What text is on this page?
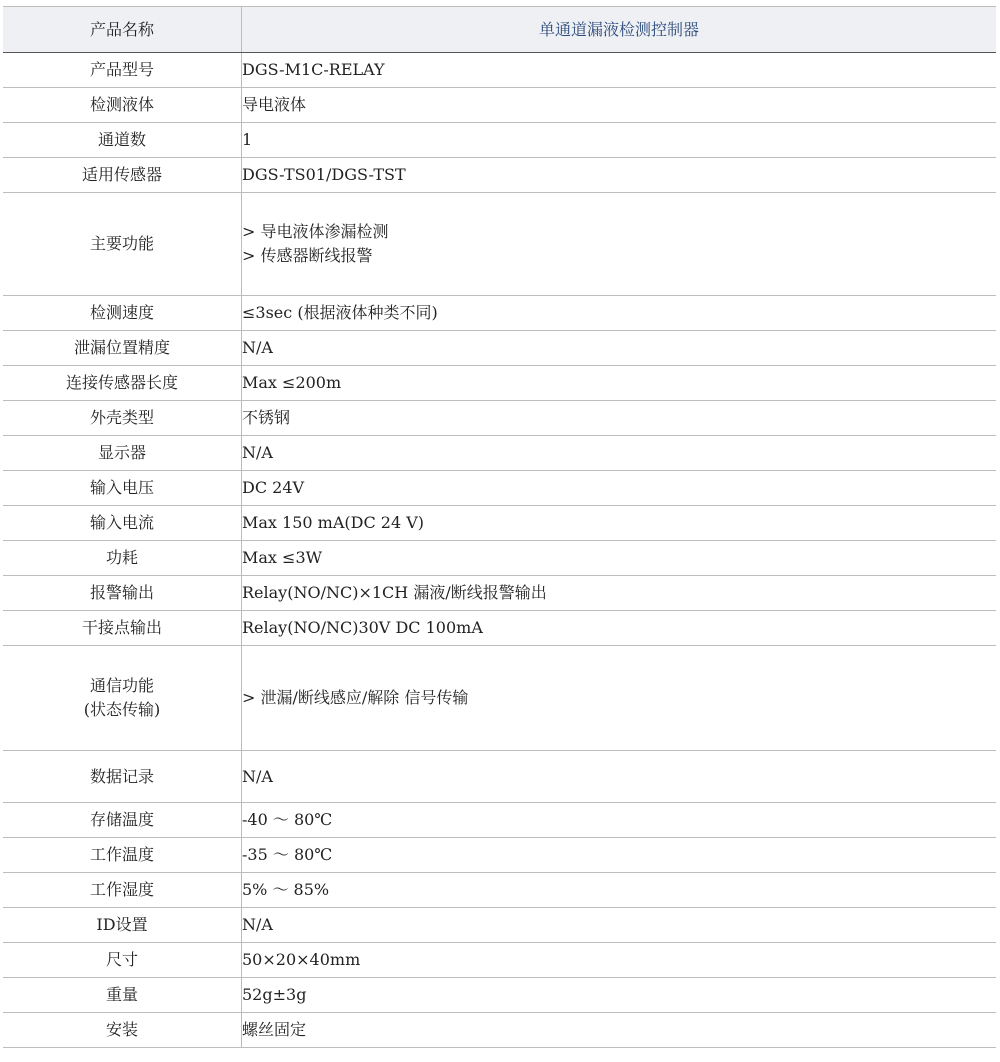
产品名称	单通道漏液检测控制器

产品型号	DGS-M1C-RELAY

检测液体	导电液体

通道数	1

适用传感器	DGS-TS01/DGS-TST

主要功能	> 导电液体渗漏检测
> 传感器断线报警

检测速度	≤3sec (根据液体种类不同)

泄漏位置精度	N/A

连接传感器长度	Max ≤200m

外壳类型	不锈钢

显示器	N/A

输入电压	DC 24V

输入电流	Max 150 mA(DC 24 V)

功耗	Max ≤3W

报警输出	Relay(NO/NC)×1CH 漏液/断线报警输出

干接点输出	Relay(NO/NC)30V DC 100mA

通信功能
(状态传输)	> 泄漏/断线感应/解除 信号传输

数据记录	N/A

存储温度	-40 ～ 80℃

工作温度	-35 ～ 80℃

工作湿度	5% ～ 85%

ID设置	N/A

尺寸	50×20×40mm

重量	52g±3g

安装	螺丝固定
